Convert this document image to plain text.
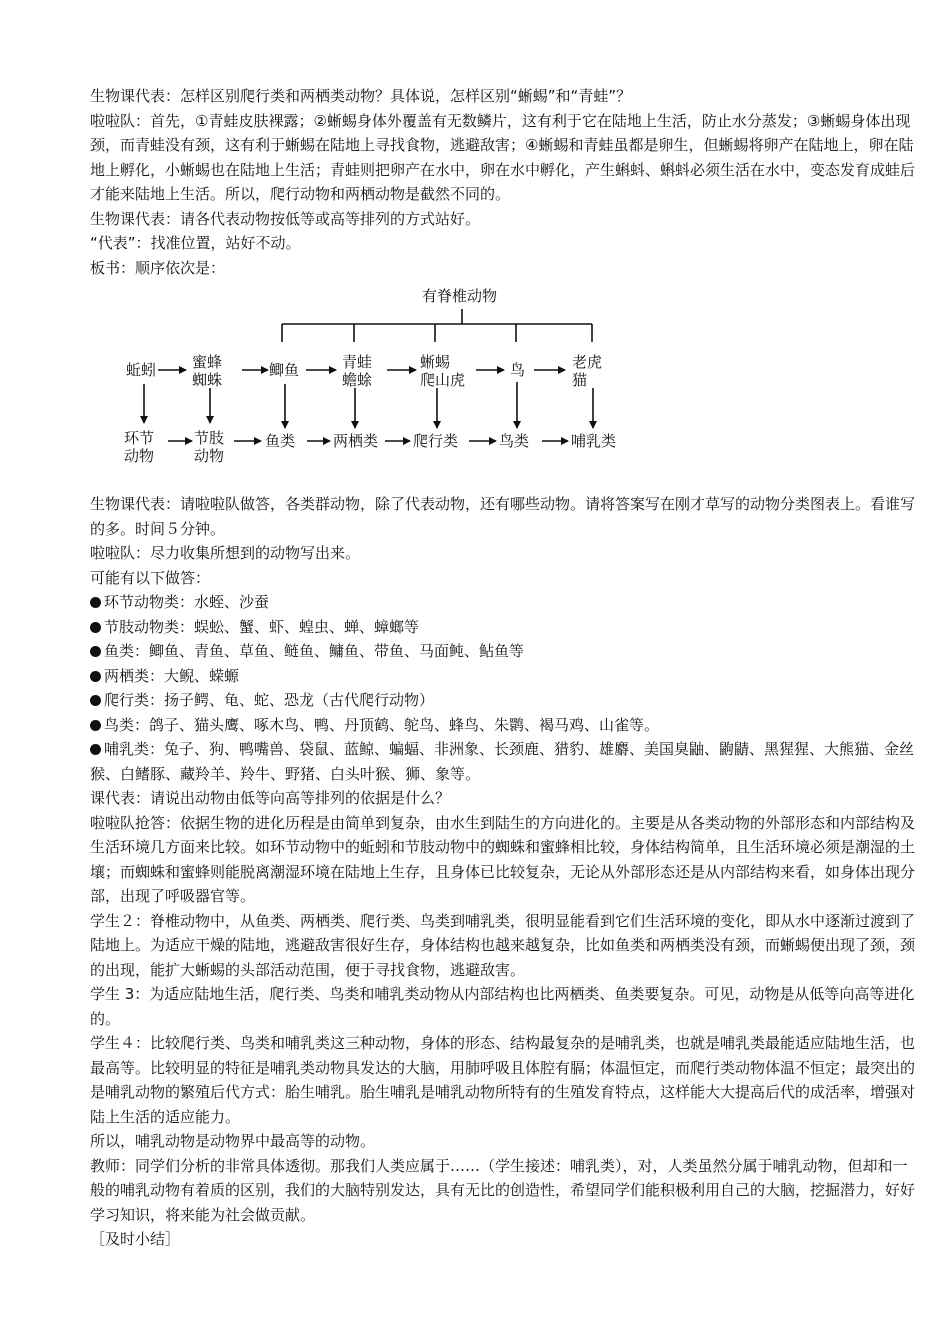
生物课代表：怎样区别爬行类和两栖类动物？具体说，怎样区别“蜥蜴”和“青蛙”？

啦啦队：首先，①青蛙皮肤裸露；②蜥蜴身体外覆盖有无数鳞片，这有利于它在陆地上生活，防止水分蒸发；③蜥蜴身体出现颈，而青蛙没有颈，这有利于蜥蜴在陆地上寻找食物，逃避敌害；④蜥蜴和青蛙虽都是卵生，但蜥蜴将卵产在陆地上，卵在陆地上孵化，小蜥蜴也在陆地上生活；青蛙则把卵产在水中，卵在水中孵化，产生蝌蚪、蝌蚪必须生活在水中，变态发育成蛙后才能来陆地上生活。所以，爬行动物和两栖动物是截然不同的。

生物课代表：请各代表动物按低等或高等排列的方式站好。

“代表”：找准位置，站好不动。

板书：顺序依次是：

有脊椎动物
蚯蚓 蜜蜂
蜘蛛
鲫鱼	青蛙
蟾蜍
蜥蜴
爬山虎
鸟	老虎
猫
环节
动物
节肢
动物
鱼类	两栖类 爬行类	鸟类	哺乳类

生物课代表：请啦啦队做答，各类群动物，除了代表动物，还有哪些动物。请将答案写在刚才草写的动物分类图表上。看谁写的多。时间５分钟。

啦啦队：尽力收集所想到的动物写出来。

可能有以下做答：

环节动物类：水蛭、沙蚕

节肢动物类：蜈蚣、蟹、虾、蝗虫、蝉、蟑螂等

鱼类：鲫鱼、青鱼、草鱼、鲢鱼、鳙鱼、带鱼、马面鲀、鲇鱼等

两栖类：大鲵、蝾螈

爬行类：扬子鳄、龟、蛇、恐龙（古代爬行动物）

鸟类：鸽子、猫头鹰、啄木鸟、鸭、丹顶鹤、鸵鸟、蜂鸟、朱鹮、褐马鸡、山雀等。

哺乳类：兔子、狗、鸭嘴兽、袋鼠、蓝鲸、蝙蝠、非洲象、长颈鹿、猎豹、雄麝、美国臭鼬、鼩鼱、黑猩猩、大熊猫、金丝猴、白鳍豚、藏羚羊、羚牛、野猪、白头叶猴、狮、象等。

课代表：请说出动物由低等向高等排列的依据是什么？

啦啦队抢答：依据生物的进化历程是由简单到复杂，由水生到陆生的方向进化的。主要是从各类动物的外部形态和内部结构及生活环境几方面来比较。如环节动物中的蚯蚓和节肢动物中的蜘蛛和蜜蜂相比较，身体结构简单，且生活环境必须是潮湿的土壤；而蜘蛛和蜜蜂则能脱离潮湿环境在陆地上生存，且身体已比较复杂，无论从外部形态还是从内部结构来看，如身体出现分部，出现了呼吸器官等。

学生２：脊椎动物中，从鱼类、两栖类、爬行类、鸟类到哺乳类，很明显能看到它们生活环境的变化，即从水中逐渐过渡到了陆地上。为适应干燥的陆地，逃避敌害很好生存，身体结构也越来越复杂，比如鱼类和两栖类没有颈，而蜥蜴便出现了颈，颈的出现，能扩大蜥蜴的头部活动范围，便于寻找食物，逃避敌害。

学生 3：为适应陆地生活，爬行类、鸟类和哺乳类动物从内部结构也比两栖类、鱼类要复杂。可见，动物是从低等向高等进化的。

学生４：比较爬行类、鸟类和哺乳类这三种动物，身体的形态、结构最复杂的是哺乳类，也就是哺乳类最能适应陆地生活，也最高等。比较明显的特征是哺乳类动物具发达的大脑，用肺呼吸且体腔有膈；体温恒定，而爬行类动物体温不恒定；最突出的是哺乳动物的繁殖后代方式：胎生哺乳。胎生哺乳是哺乳动物所特有的生殖发育特点，这样能大大提高后代的成活率，增强对陆上生活的适应能力。

所以，哺乳动物是动物界中最高等的动物。

教师：同学们分析的非常具体透彻。那我们人类应属于……（学生接述：哺乳类），对，人类虽然分属于哺乳动物，但却和一般的哺乳动物有着质的区别，我们的大脑特别发达，具有无比的创造性，希望同学们能积极利用自己的大脑，挖掘潜力，好好学习知识，将来能为社会做贡献。

［及时小结］
